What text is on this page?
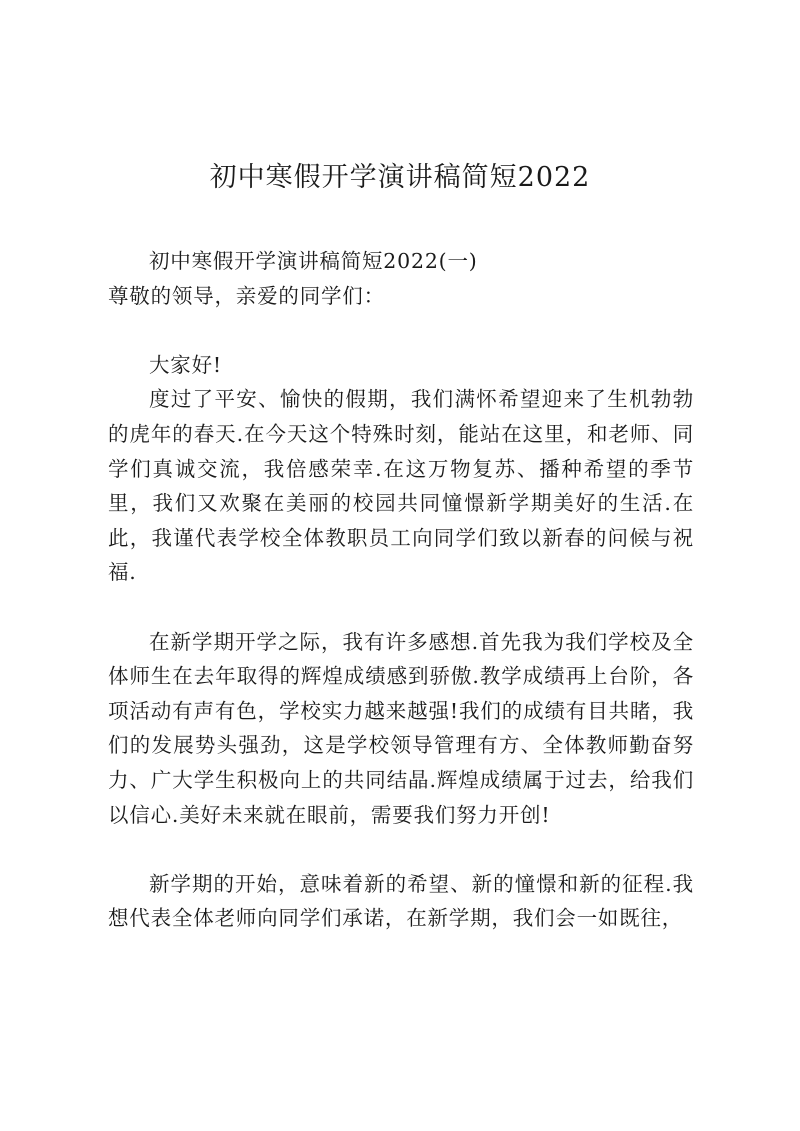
初中寒假开学演讲稿简短2022

初中寒假开学演讲稿简短2022(一)

尊敬的领导，亲爱的同学们：

大家好!

度过了平安、愉快的假期，我们满怀希望迎来了生机勃勃的虎年的春天.在今天这个特殊时刻，能站在这里，和老师、同学们真诚交流，我倍感荣幸.在这万物复苏、播种希望的季节里，我们又欢聚在美丽的校园共同憧憬新学期美好的生活.在此，我谨代表学校全体教职员工向同学们致以新春的问候与祝福.

在新学期开学之际，我有许多感想.首先我为我们学校及全体师生在去年取得的辉煌成绩感到骄傲.教学成绩再上台阶，各项活动有声有色，学校实力越来越强!我们的成绩有目共睹，我们的发展势头强劲，这是学校领导管理有方、全体教师勤奋努力、广大学生积极向上的共同结晶.辉煌成绩属于过去，给我们以信心.美好未来就在眼前，需要我们努力开创!

新学期的开始，意味着新的希望、新的憧憬和新的征程.我想代表全体老师向同学们承诺，在新学期，我们会一如既往，
